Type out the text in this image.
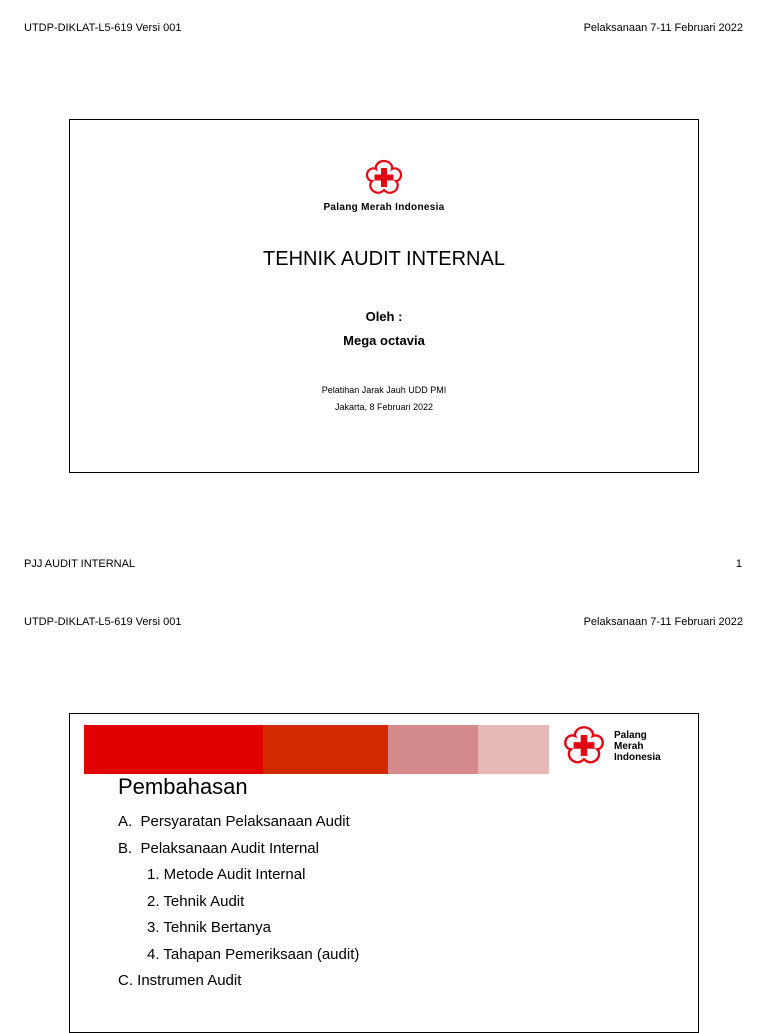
UTDP-DIKLAT-L5-619 Versi 001	Pelaksanaan 7-11 Februari 2022
Palang Merah Indonesia
TEHNIK AUDIT INTERNAL
Oleh :
Mega octavia
Pelatihan Jarak Jauh UDD PMI
Jakarta, 8 Februari 2022
PJJ AUDIT INTERNAL	1
UTDP-DIKLAT-L5-619 Versi 001	Pelaksanaan 7-11 Februari 2022
Palang
Merah
Indonesia
Pembahasan
A.  Persyaratan Pelaksanaan Audit
B.  Pelaksanaan Audit Internal
1. Metode Audit Internal
2. Tehnik Audit
3. Tehnik Bertanya
4. Tahapan Pemeriksaan (audit)
C. Instrumen Audit
